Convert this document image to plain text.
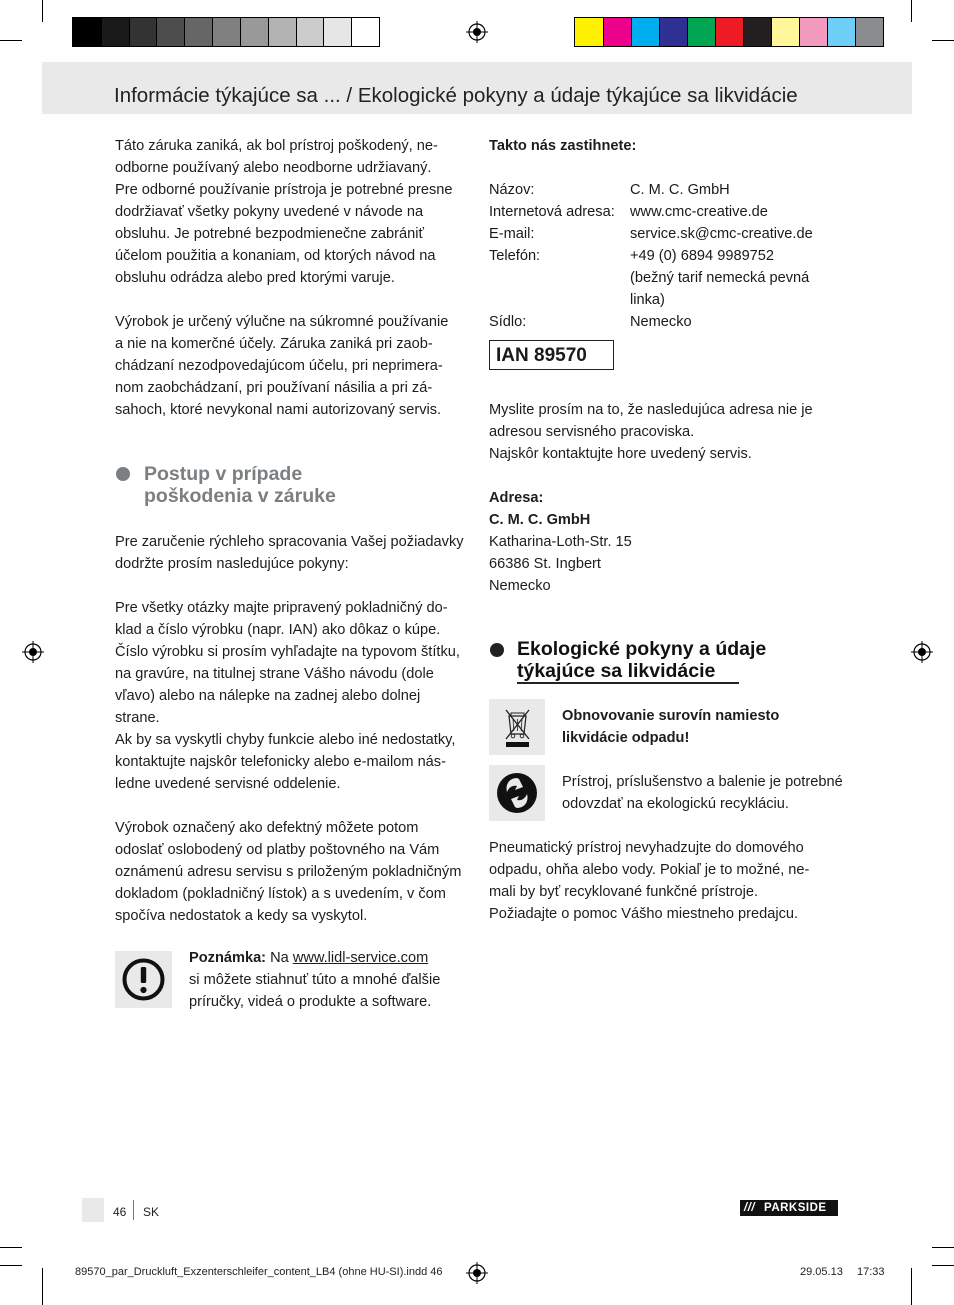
Informácie týkajúce sa ... / Ekologické pokyny a údaje týkajúce sa likvidácie

Táto záruka zaniká, ak bol prístroj poškodený, ne-

odborne používaný alebo neodborne udržiavaný.

Pre odborné používanie prístroja je potrebné presne

dodržiavať všetky pokyny uvedené v návode na

obsluhu. Je potrebné bezpodmienečne zabrániť

účelom použitia a konaniam, od ktorých návod na

obsluhu odrádza alebo pred ktorými varuje.

Výrobok je určený výlučne na súkromné používanie

a nie na komerčné účely. Záruka zaniká pri zaob-

chádzaní nezodpovedajúcom účelu, pri neprimera-

nom zaobchádzaní, pri používaní násilia a pri zá-

sahoch, ktoré nevykonal nami autorizovaný servis.

Postup v prípade
poškodenia v záruke

Pre zaručenie rýchleho spracovania Vašej požiadavky

dodržte prosím nasledujúce pokyny:

Pre všetky otázky majte pripravený pokladničný do-

klad a číslo výrobku (napr. IAN) ako dôkaz o kúpe.

Číslo výrobku si prosím vyhľadajte na typovom štítku,

na gravúre, na titulnej strane Vášho návodu (dole

vľavo) alebo na nálepke na zadnej alebo dolnej

strane.

Ak by sa vyskytli chyby funkcie alebo iné nedostatky,

kontaktujte najskôr telefonicky alebo e-mailom nás-

ledne uvedené servisné oddelenie.

Výrobok označený ako defektný môžete potom

odoslať oslobodený od platby poštovného na Vám

oznámenú adresu servisu s priloženým pokladničným

dokladom (pokladničný lístok) a s uvedením, v čom

spočíva nedostatok a kedy sa vyskytol.

Poznámka: Na www.lidl-service.com

si môžete stiahnuť túto a mnohé ďalšie

príručky, videá o produkte a software.

Takto nás zastihnete:
Názov:	C. M. C. GmbH
Internetová adresa: www.cmc-creative.de
E-mail:	service.sk@cmc-creative.de
Telefón:	+49 (0) 6894 9989752
(bežný tarif nemecká pevná
linka)
Sídlo:	Nemecko
IAN 89570

Myslite prosím na to, že nasledujúca adresa nie je

adresou servisného pracoviska.

Najskôr kontaktujte hore uvedený servis.

Adresa:

C. M. C. GmbH

Katharina-Loth-Str. 15

66386 St. Ingbert

Nemecko

Ekologické pokyny a údaje
týkajúce sa likvidácie

Obnovovanie surovín namiesto

likvidácie odpadu!

Prístroj, príslušenstvo a balenie je potrebné

odovzdať na ekologickú recykláciu.

Pneumatický prístroj nevyhadzujte do domového

odpadu, ohňa alebo vody. Pokiaľ je to možné, ne-

mali by byť recyklované funkčné prístroje.

Požiadajte o pomoc Vášho miestneho predajcu.

46 SK	/// PARKSIDE
89570_par_Druckluft_Exzenterschleifer_content_LB4 (ohne HU-SI).indd 46	29.05.13 17:33
